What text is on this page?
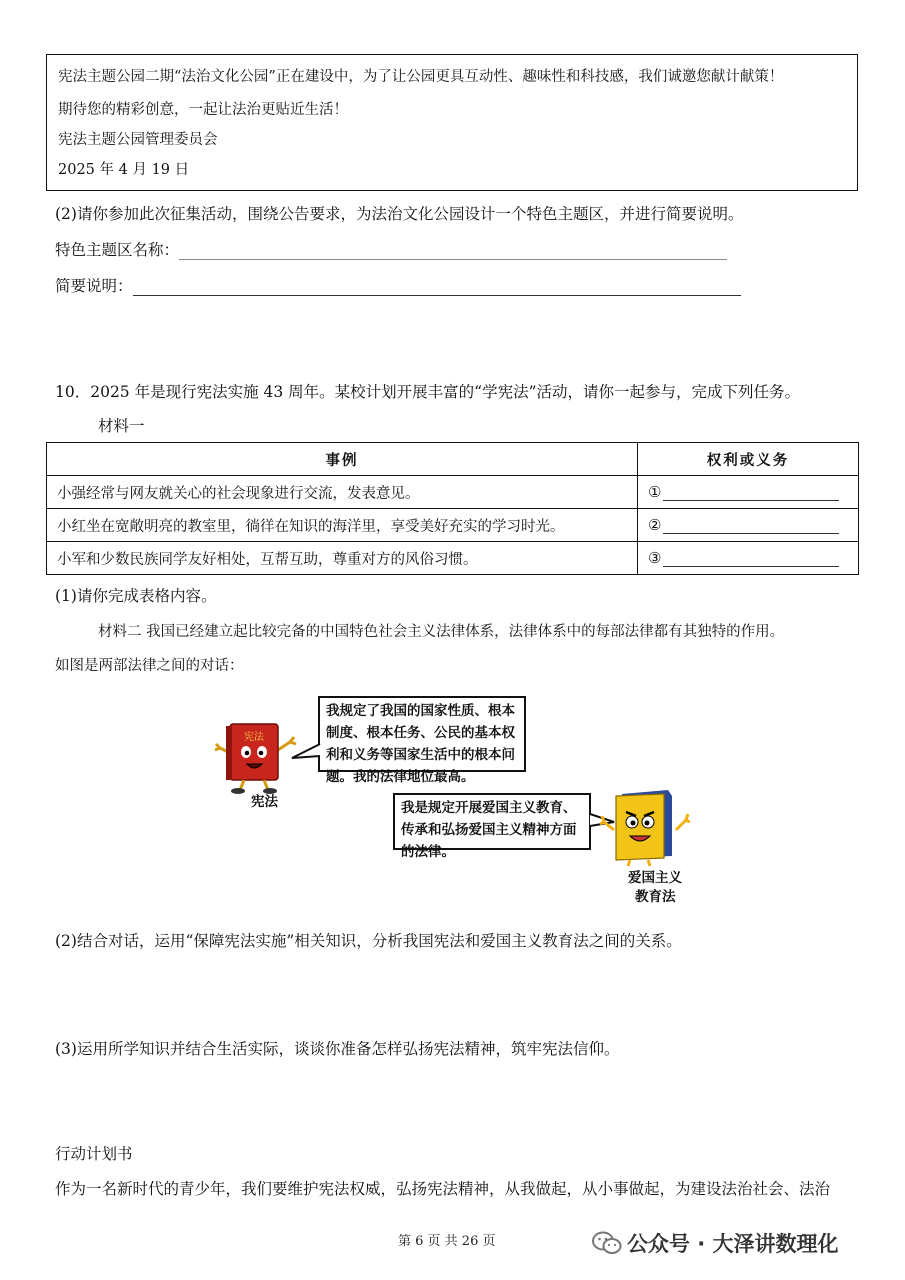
宪法主题公园二期“法治文化公园”正在建设中，为了让公园更具互动性、趣味性和科技感，我们诚邀您献计献策！
期待您的精彩创意，一起让法治更贴近生活！
宪法主题公园管理委员会
2025 年 4 月 19 日
(2)请你参加此次征集活动，围绕公告要求，为法治文化公园设计一个特色主题区，并进行简要说明。
特色主题区名称：
简要说明：
10．2025 年是现行宪法实施 43 周年。某校计划开展丰富的“学宪法”活动，请你一起参与，完成下列任务。
材料一
事例	权利或义务
小强经常与网友就关心的社会现象进行交流，发表意见。	①
小红坐在宽敞明亮的教室里，徜徉在知识的海洋里，享受美好充实的学习时光。	②
小军和少数民族同学友好相处，互帮互助，尊重对方的风俗习惯。	③
(1)请你完成表格内容。
材料二 我国已经建立起比较完备的中国特色社会主义法律体系，法律体系中的每部法律都有其独特的作用。
如图是两部法律之间的对话：
宪法
宪法
我规定了我国的国家性质、根本制度、根本任务、公民的基本权利和义务等国家生活中的根本问题。我的法律地位最高。
我是规定开展爱国主义教育、传承和弘扬爱国主义精神方面的法律。
爱国主义
教育法
(2)结合对话，运用“保障宪法实施”相关知识，分析我国宪法和爱国主义教育法之间的关系。
(3)运用所学知识并结合生活实际，谈谈你准备怎样弘扬宪法精神，筑牢宪法信仰。
行动计划书
作为一名新时代的青少年，我们要维护宪法权威，弘扬宪法精神，从我做起，从小事做起，为建设法治社会、法治
第 6 页 共 26 页	公众号 · 大泽讲数理化
